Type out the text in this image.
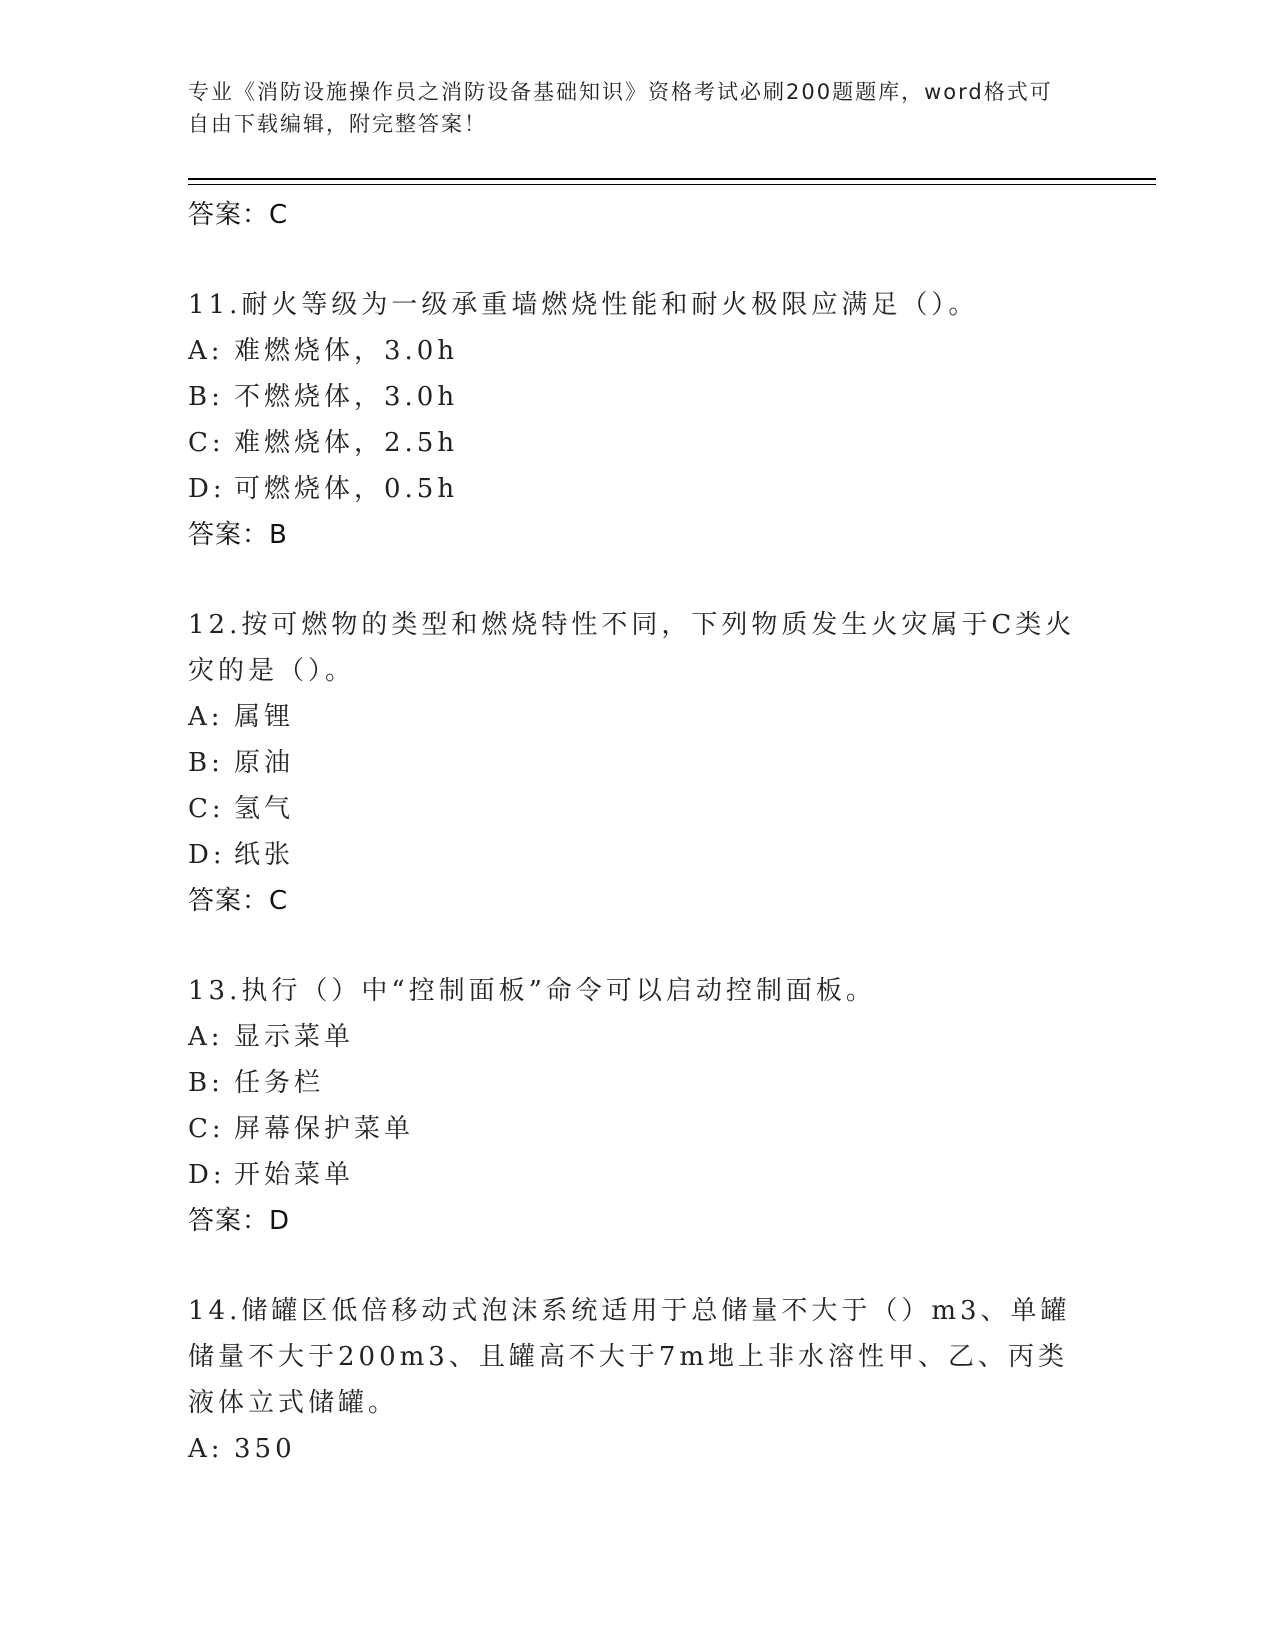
专业《消防设施操作员之消防设备基础知识》资格考试必刷200题题库，word格式可自由下载编辑，附完整答案！
答案：C
11.耐火等级为一级承重墙燃烧性能和耐火极限应满足（）。
A: 难燃烧体，3.0h
B: 不燃烧体，3.0h
C: 难燃烧体，2.5h
D: 可燃烧体，0.5h
答案：B
12.按可燃物的类型和燃烧特性不同，下列物质发生火灾属于C类火灾的是（）。
A: 属锂
B: 原油
C: 氢气
D: 纸张
答案：C
13.执行（）中“控制面板”命令可以启动控制面板。
A: 显示菜单
B: 任务栏
C: 屏幕保护菜单
D: 开始菜单
答案：D
14.储罐区低倍移动式泡沫系统适用于总储量不大于（）m3、单罐储量不大于200m3、且罐高不大于7m地上非水溶性甲、乙、丙类液体立式储罐。
A: 350
